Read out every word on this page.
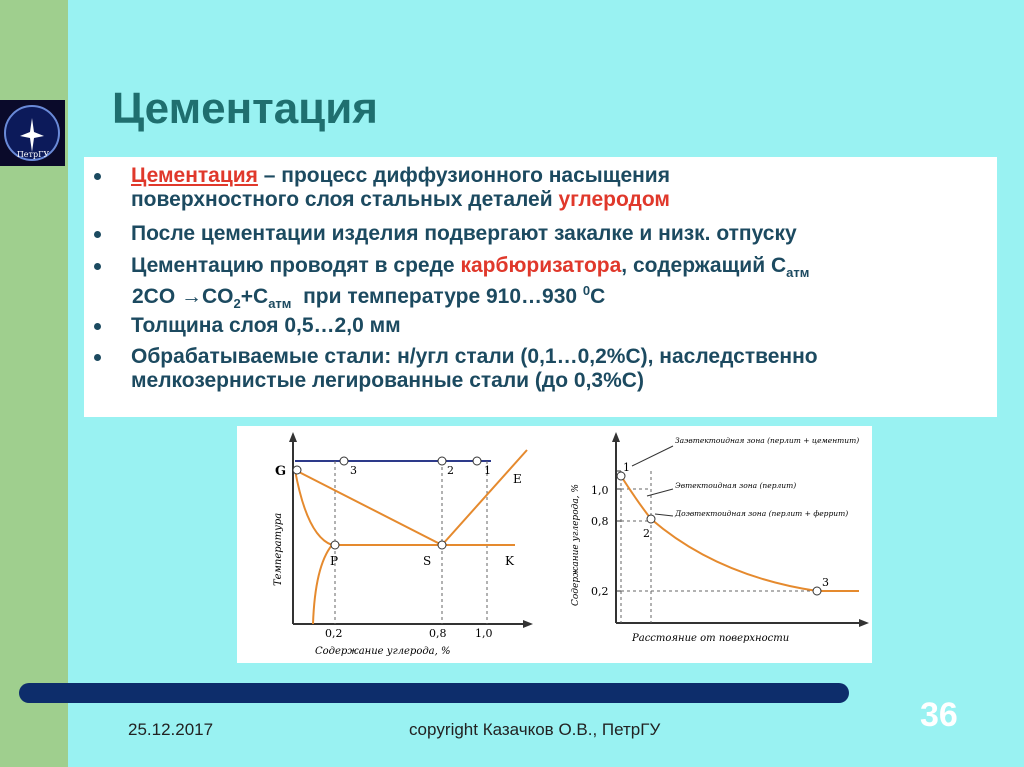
ПетрГУ
Цементация
Цементация – процесс диффузионного насыщения
поверхностного слоя стальных деталей углеродом
После цементации изделия подвергают закалке и низк. отпуску
Цементацию проводят в среде карбюризатора, содержащий $С_{атм}$
$2CO \to CO_2+С_{атм}$  при температуре 910…930 $^0$С
Толщина слоя 0,5…2,0 мм
Обрабатываемые стали: н/угл стали (0,1…0,2%С), наследственно
мелкозернистые легированные стали (до 0,3%С)
G
P	S	K
E
3	2	1
0,2	0,8	1,0
Содержание углерода, %
Температура
1
2
3
1,0
0,8
0,2
Заэвтектоидная зона (перлит + цементит)
Эвтектоидная зона (перлит)
Доэвтектоидная зона (перлит + феррит)
Расстояние от поверхности
Содержание углерода, %
36
25.12.2017	copyright Казачков О.В., ПетрГУ
